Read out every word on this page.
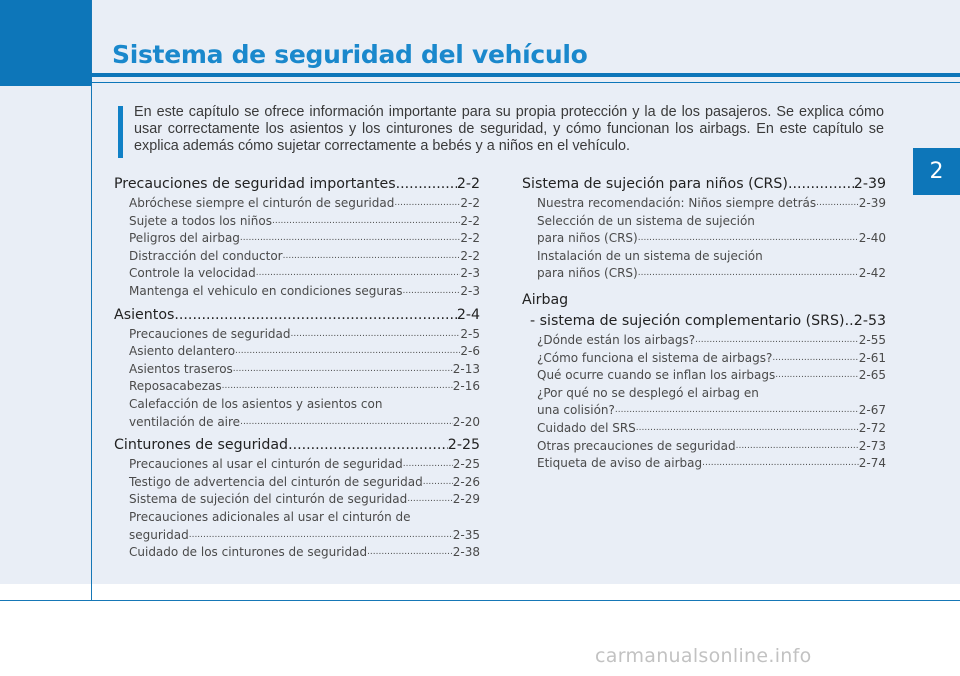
Sistema de seguridad del vehículo
2

En este capítulo se ofrece información importante para su propia protección y la de los pasajeros. Se explica cómo usar correctamente los asientos y los cinturones de seguridad, y cómo funcionan los airbags. En este capítulo se explica además cómo sujetar correctamente a bebés y a niños en el vehículo.

Precauciones de seguridad importantes .....	2-2
Abróchese siempre el cinturón de seguridad .....	2-2
Sujete a todos los niños .....	2-2
Peligros del airbag .....	2-2
Distracción del conductor .....	2-2
Controle la velocidad .....	2-3
Mantenga el vehiculo en condiciones seguras .....	2-3
Asientos .....	2-4
Precauciones de seguridad .....	2-5
Asiento delantero .....	2-6
Asientos traseros .....	2-13
Reposacabezas .....	2-16
Calefacción de los asientos y asientos con
ventilación de aire .....	2-20
Cinturones de seguridad .....	2-25
Precauciones al usar el cinturón de seguridad .....	2-25
Testigo de advertencia del cinturón de seguridad .....	2-26
Sistema de sujeción del cinturón de seguridad .....	2-29
Precauciones adicionales al usar el cinturón de
seguridad .....	2-35
Cuidado de los cinturones de seguridad .....	2-38
Sistema de sujeción para niños (CRS) .....	2-39
Nuestra recomendación: Niños siempre detrás .....	2-39
Selección de un sistema de sujeción
para niños (CRS) .....	2-40
Instalación de un sistema de sujeción
para niños (CRS) .....	2-42
Airbag
- sistema de sujeción complementario (SRS) ..... 2-53
¿Dónde están los airbags? .....	2-55
¿Cómo funciona el sistema de airbags? .....	2-61
Qué ocurre cuando se inflan los airbags .....	2-65
¿Por qué no se desplegó el airbag en
una colisión? .....	2-67
Cuidado del SRS .....	2-72
Otras precauciones de seguridad .....	2-73
Etiqueta de aviso de airbag .....	2-74
carmanualsonline.info
